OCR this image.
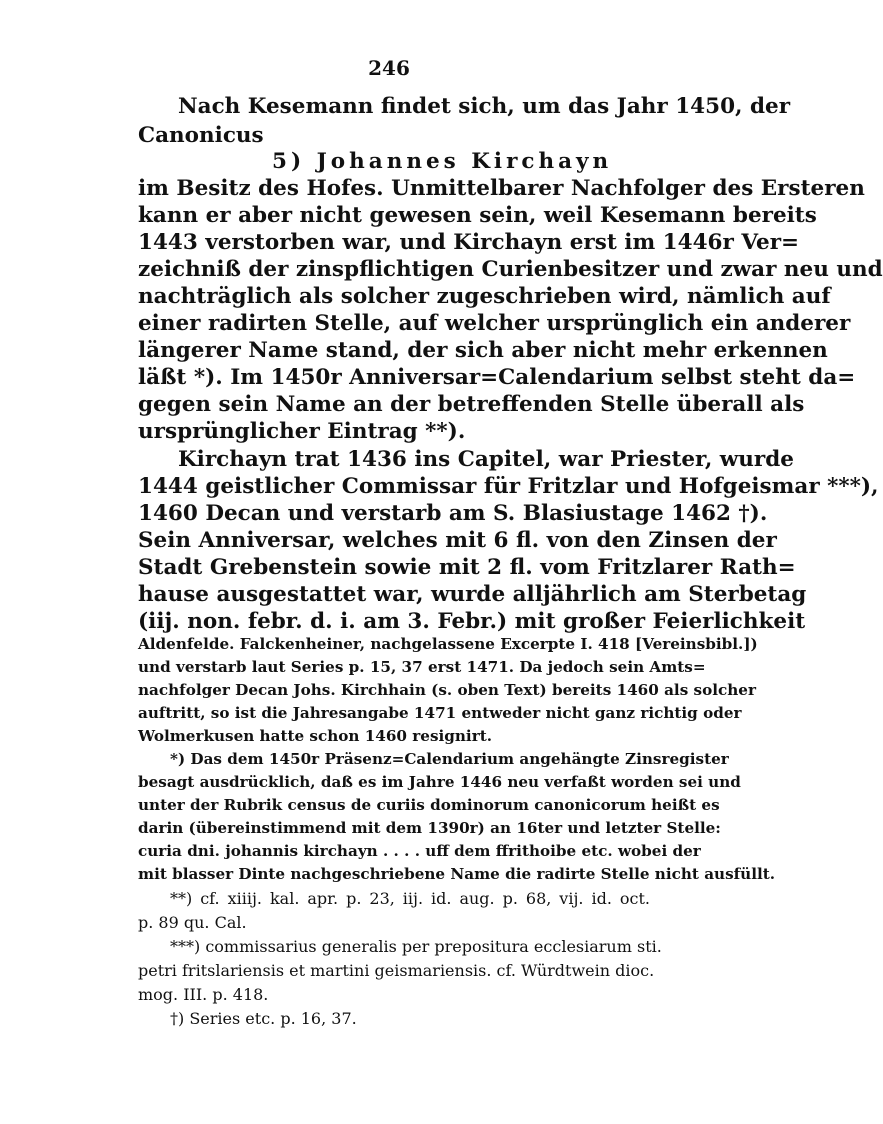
246
Nach Kesemann findet sich, um das Jahr 1450, der
Canonicus
5) Johannes Kirchayn
im Besitz des Hofes. Unmittelbarer Nachfolger des Ersteren
kann er aber nicht gewesen sein, weil Kesemann bereits
1443 verstorben war, und Kirchayn erst im 1446r Ver=
zeichniß der zinspflichtigen Curienbesitzer und zwar neu und
nachträglich als solcher zugeschrieben wird, nämlich auf
einer radirten Stelle, auf welcher ursprünglich ein anderer
längerer Name stand, der sich aber nicht mehr erkennen
läßt *). Im 1450r Anniversar=Calendarium selbst steht da=
gegen sein Name an der betreffenden Stelle überall als
ursprünglicher Eintrag **).
Kirchayn trat 1436 ins Capitel, war Priester, wurde
1444 geistlicher Commissar für Fritzlar und Hofgeismar ***),
1460 Decan und verstarb am S. Blasiustage 1462 †).
Sein Anniversar, welches mit 6 fl. von den Zinsen der
Stadt Grebenstein sowie mit 2 fl. vom Fritzlarer Rath=
hause ausgestattet war, wurde alljährlich am Sterbetag
(iij. non. febr. d. i. am 3. Febr.) mit großer Feierlichkeit
Aldenfelde. Falckenheiner, nachgelassene Excerpte I. 418 [Vereinsbibl.])
und verstarb laut Series p. 15, 37 erst 1471. Da jedoch sein Amts=
nachfolger Decan Johs. Kirchhain (s. oben Text) bereits 1460 als solcher
auftritt, so ist die Jahresangabe 1471 entweder nicht ganz richtig oder
Wolmerkusen hatte schon 1460 resignirt.
*) Das dem 1450r Präsenz=Calendarium angehängte Zinsregister
besagt ausdrücklich, daß es im Jahre 1446 neu verfaßt worden sei und
unter der Rubrik census de curiis dominorum canonicorum heißt es
darin (übereinstimmend mit dem 1390r) an 16ter und letzter Stelle:
curia dni. johannis kirchayn . . . . uff dem ffrithoibe etc. wobei der
mit blasser Dinte nachgeschriebene Name die radirte Stelle nicht ausfüllt.
**) cf. xiiij. kal. apr. p. 23, iij. id. aug. p. 68, vij. id. oct.
p. 89 qu. Cal.
***) commissarius generalis per prepositura ecclesiarum sti.
petri fritslariensis et martini geismariensis. cf. Würdtwein dioc.
mog. III. p. 418.
†) Series etc. p. 16, 37.
